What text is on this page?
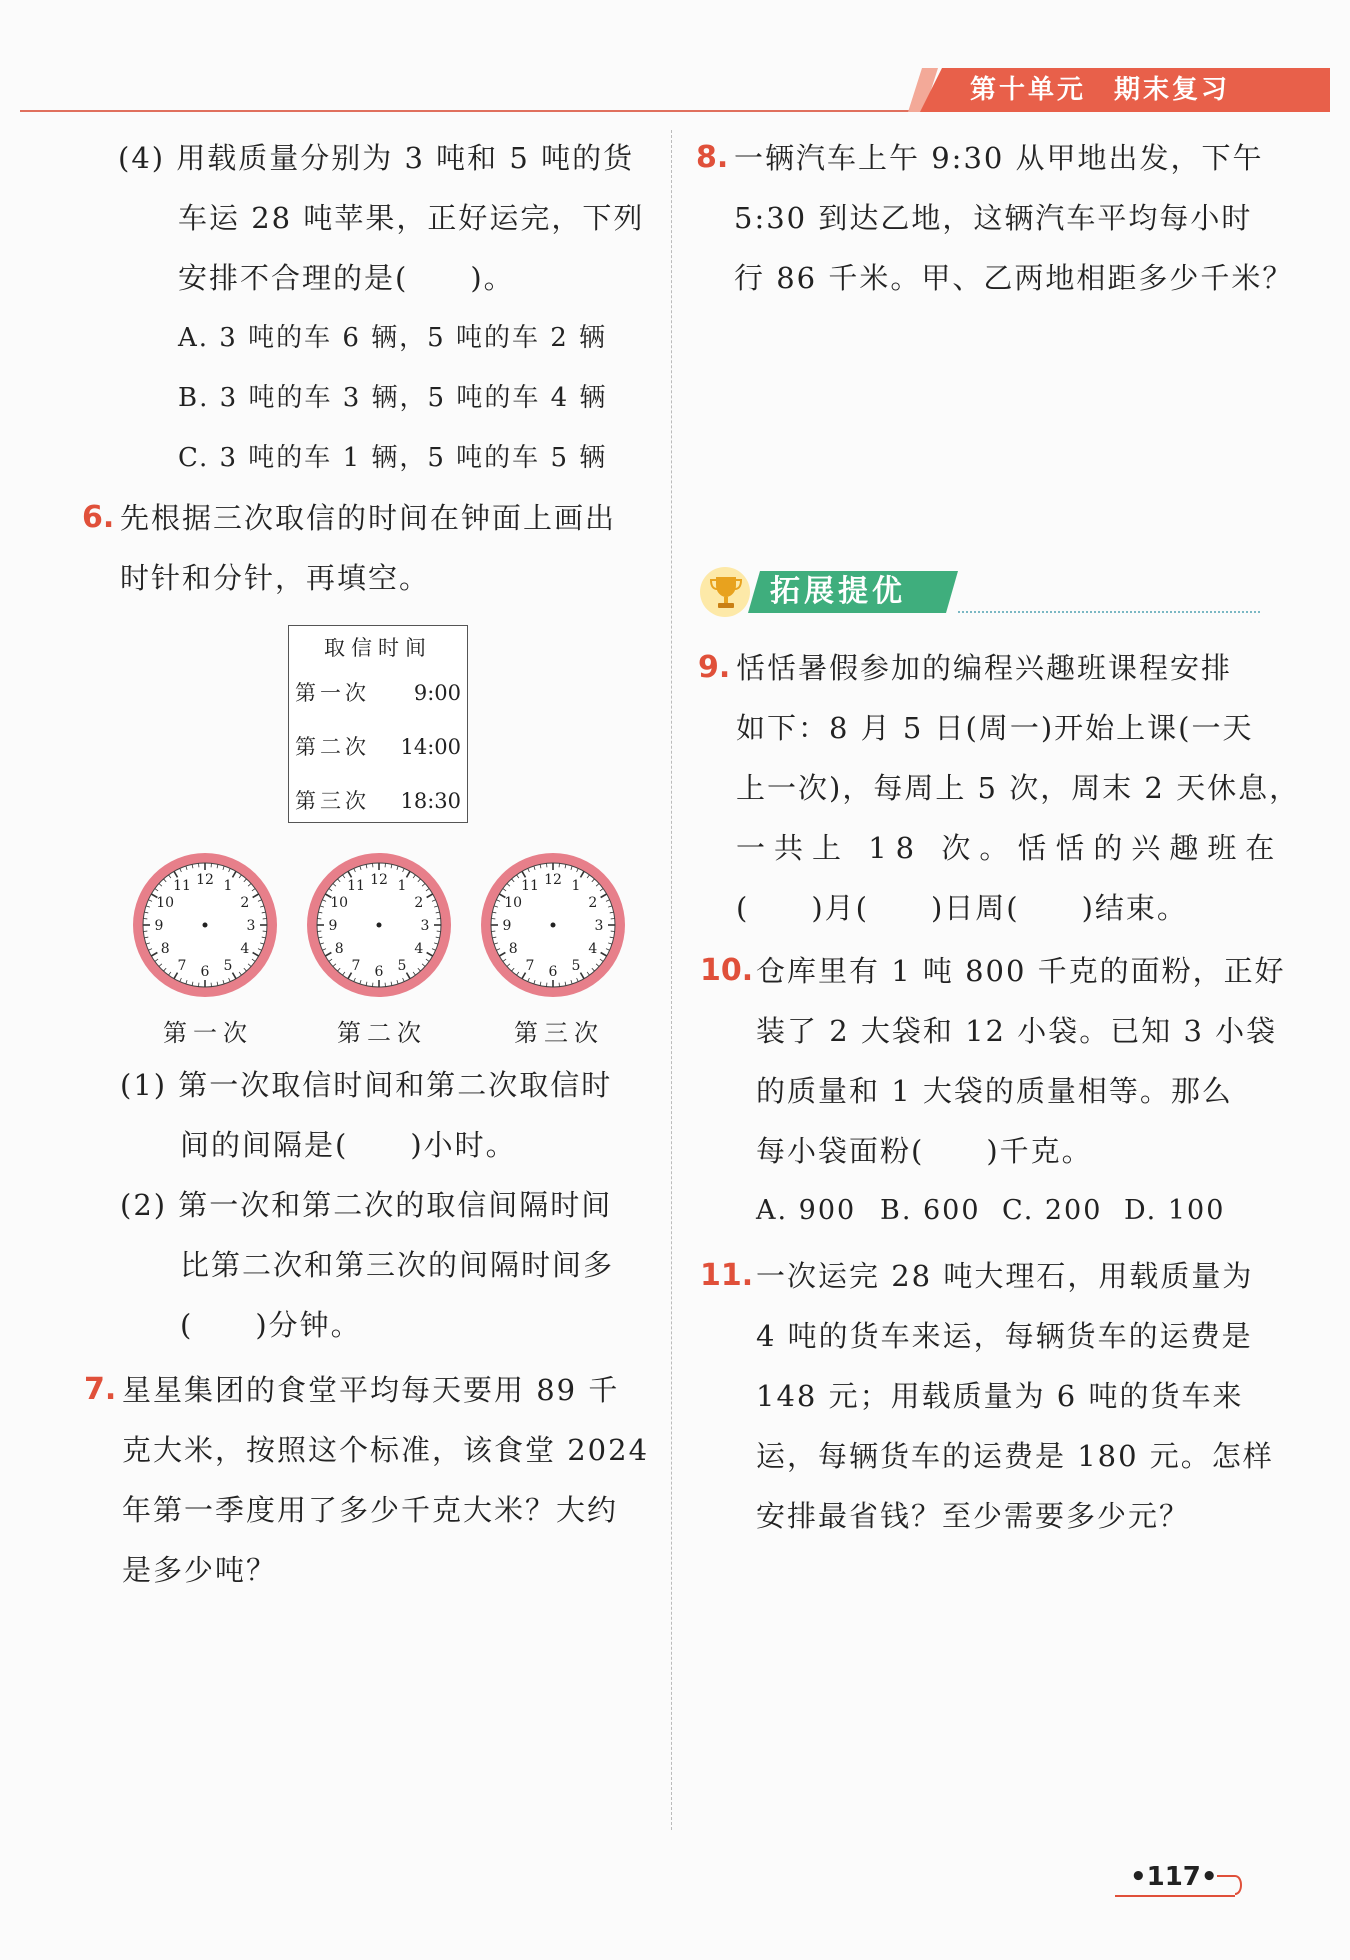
第十单元 期末复习
(4) 用载质量分别为 3 吨和 5 吨的货
车运 28 吨苹果，正好运完，下列
安排不合理的是(　　)。
A. 3 吨的车 6 辆，5 吨的车 2 辆
B. 3 吨的车 3 辆，5 吨的车 4 辆
C. 3 吨的车 1 辆，5 吨的车 5 辆
6. 先根据三次取信的时间在钟面上画出
时针和分针，再填空。
取信时间
第一次 9:00
第二次 14:00
第三次 18:30
12 1
2
3
4
5
6
7
8
9
10
11	12 1
2
3
4
5
6
7
8
9
10
11	12 1
2
3
4
5
6
7
8
9
10
11
第一次	第二次	第三次
(1) 第一次取信时间和第二次取信时
间的间隔是(　　)小时。
(2) 第一次和第二次的取信间隔时间
比第二次和第三次的间隔时间多
(　　)分钟。
7. 星星集团的食堂平均每天要用 89 千
克大米，按照这个标准，该食堂 2024
年第一季度用了多少千克大米？大约
是多少吨？
8. 一辆汽车上午 9:30 从甲地出发，下午
5:30 到达乙地，这辆汽车平均每小时
行 86 千米。甲、乙两地相距多少千米？
拓展提优
9. 恬恬暑假参加的编程兴趣班课程安排
如下：8 月 5 日(周一)开始上课(一天
上一次)，每周上 5 次，周末 2 天休息，
一共上 18 次。恬恬的兴趣班在
(　　)月(　　)日周(　　)结束。
10. 仓库里有 1 吨 800 千克的面粉，正好
装了 2 大袋和 12 小袋。已知 3 小袋
的质量和 1 大袋的质量相等。那么
每小袋面粉(　　)千克。
A. 900 B. 600 C. 200 D. 100
11. 一次运完 28 吨大理石，用载质量为
4 吨的货车来运，每辆货车的运费是
148 元；用载质量为 6 吨的货车来
运，每辆货车的运费是 180 元。怎样
安排最省钱？至少需要多少元？
•117•
